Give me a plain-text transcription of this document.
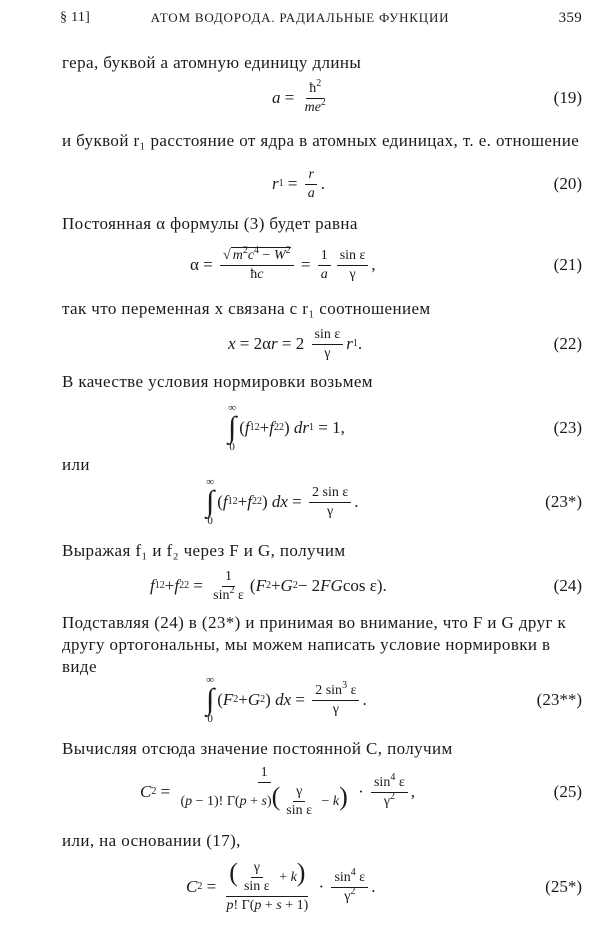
АТОМ ВОДОРОДА. РАДИАЛЬНЫЕ ФУНКЦИИ
§ 11]	359
гера, буквой a атомную единицу длины
$a = \frac{ħ^2}{me^2}$	(19)
и буквой r₁ расстояние от ядра в атомных единицах, т. е. отношение
r $1 = \frac{r}{a}$ .	(20)
Постоянная α формулы (3) будет равна
$\alpha = \frac{√ m^2c^4 - W^2}{ħc} = \frac{1}{a} \frac{\text{sin ε}}{\gamma}$ ,	(21)
так что переменная x связана с r₁ соотношением
x = 2α $r = 2 \frac{\text{sin ε}}{\gamma}$ r 1 .	(22)
В качестве условия нормировки возьмем
∞
∫
0
( f 1 2 + f 2 2 ) dr 1 = 1,	(23)
или
∞
∫
0
( f 1 2 + f 2 2 ) dx = $\frac{\text{2 sin ε}}{\gamma}$ .	(23*)
Выражая f₁ и f₂ через F и G, получим
f 1 2 + f 2 $2 = \frac{1}{\sin^2 \varepsilon}$ ( F 2 + G 2 − 2 FG cos ε).	(24)
Подставляя (24) в (23*) и принимая во внимание, что F и G друг к другу ортогональны, мы можем написать условие нормировки в виде
∞
∫
0
( F 2 + G 2 ) dx = $\frac{2 \sin^3 \varepsilon}{\gamma}$ .	(23**)
Вычисляя отсюда значение постоянной C, получим
C $2 = \frac{1}{(p - 1)! \Gamma(p + s)( \frac{\gamma}{\text{sin ε}} - k)} \cdot \frac{\sin^4 \varepsilon}{\gamma^2}$ ,	(25)
или, на основании (17),
C $2 = \frac{( \frac{\gamma}{\text{sin ε}} + k)}{p! \Gamma(p + s + 1)} \cdot \frac{\sin^4 \varepsilon}{\gamma^2}$ .	(25*)
